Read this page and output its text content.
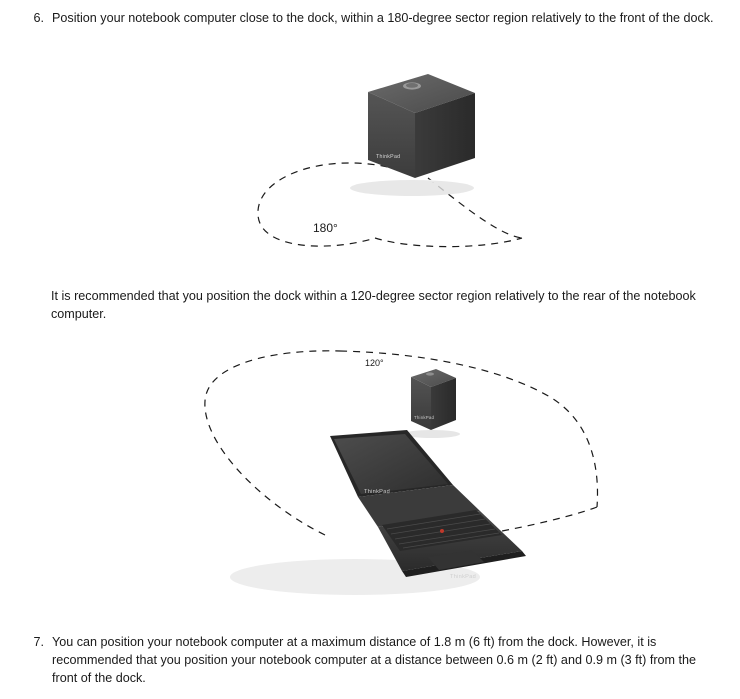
6. Position your notebook computer close to the dock, within a 180-degree sector region relatively to the front of the dock.
180°
ThinkPad
It is recommended that you position the dock within a 120-degree sector region relatively to the rear of the notebook computer.
120°
ThinkPad
ThinkPad
ThinkPad
7. You can position your notebook computer at a maximum distance of 1.8 m (6 ft) from the dock. However, it is recommended that you position your notebook computer at a distance between 0.6 m (2 ft) and 0.9 m (3 ft) from the front of the dock.
